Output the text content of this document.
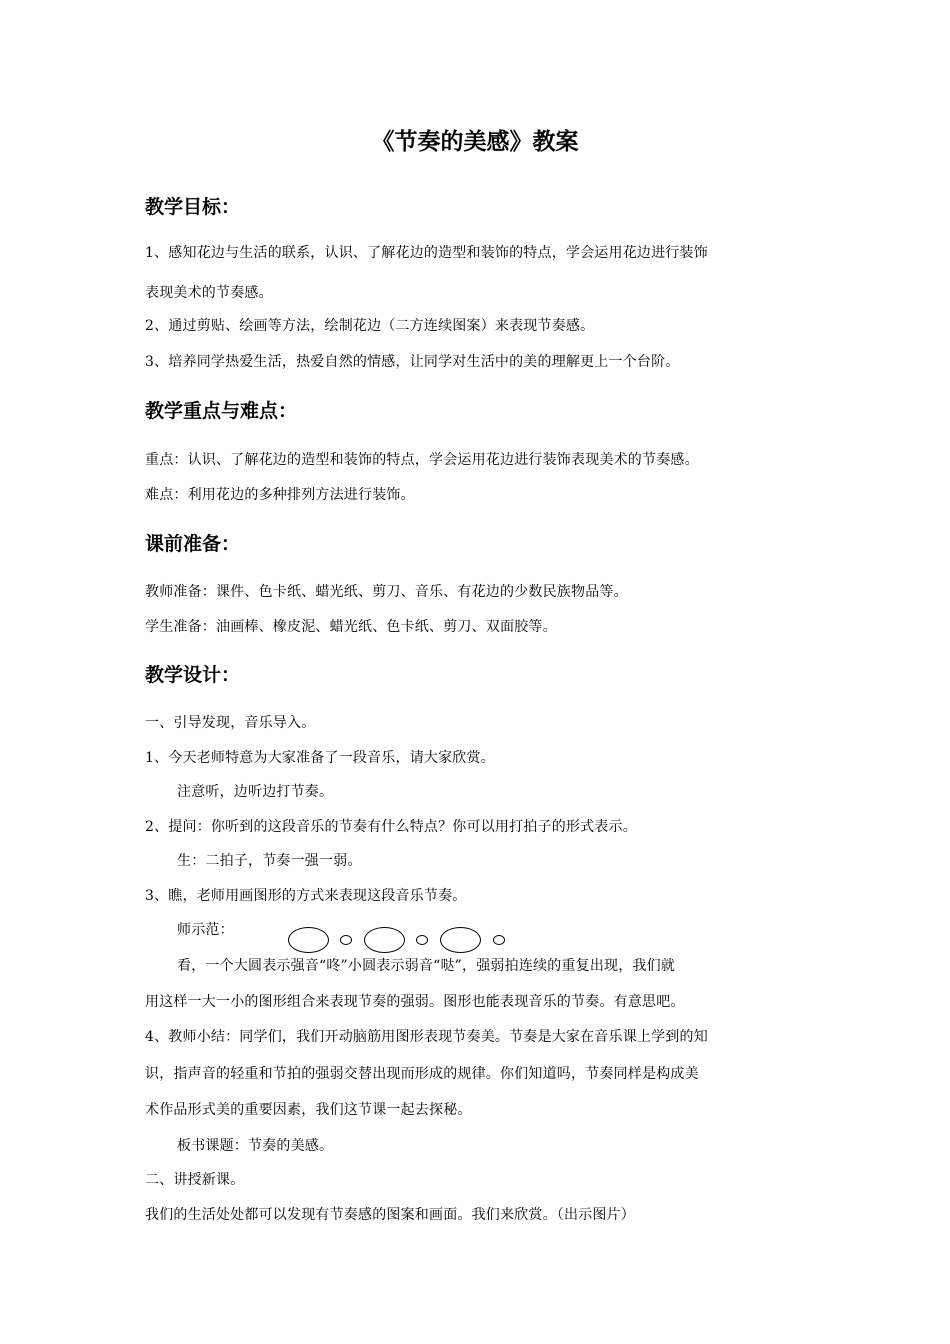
《节奏的美感》教案
教学目标：
1、感知花边与生活的联系，认识、了解花边的造型和装饰的特点，学会运用花边进行装饰
表现美术的节奏感。
2、通过剪贴、绘画等方法，绘制花边（二方连续图案）来表现节奏感。
3、培养同学热爱生活，热爱自然的情感，让同学对生活中的美的理解更上一个台阶。
教学重点与难点：
重点：认识、了解花边的造型和装饰的特点，学会运用花边进行装饰表现美术的节奏感。
难点：利用花边的多种排列方法进行装饰。
课前准备：
教师准备：课件、色卡纸、蜡光纸、剪刀、音乐、有花边的少数民族物品等。
学生准备：油画棒、橡皮泥、蜡光纸、色卡纸、剪刀、双面胶等。
教学设计：
一、引导发现，音乐导入。
1、今天老师特意为大家准备了一段音乐，请大家欣赏。
注意听，边听边打节奏。
2、提问：你听到的这段音乐的节奏有什么特点？你可以用打拍子的形式表示。
生：二拍子，节奏一强一弱。
3、瞧，老师用画图形的方式来表现这段音乐节奏。
师示范：
看，一个大圆表示强音“咚”小圆表示弱音“哒”，强弱拍连续的重复出现，我们就
用这样一大一小的图形组合来表现节奏的强弱。图形也能表现音乐的节奏。有意思吧。
4、教师小结：同学们，我们开动脑筋用图形表现节奏美。节奏是大家在音乐课上学到的知
识，指声音的轻重和节拍的强弱交替出现而形成的规律。你们知道吗，节奏同样是构成美
术作品形式美的重要因素，我们这节课一起去探秘。
板书课题：节奏的美感。
二、讲授新课。
我们的生活处处都可以发现有节奏感的图案和画面。我们来欣赏。（出示图片）
